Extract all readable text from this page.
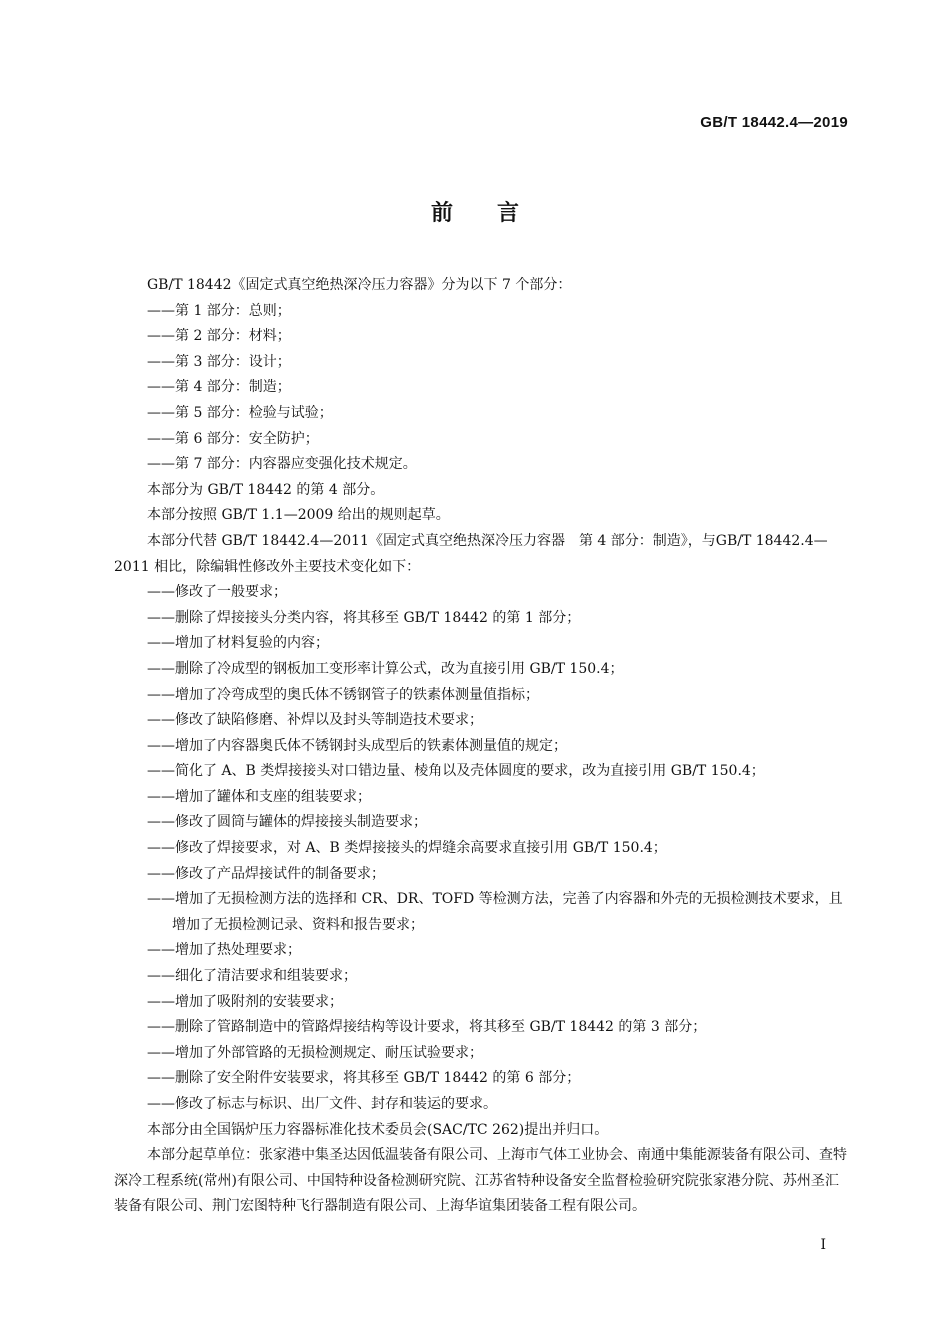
GB/T 18442.4—2019
前言

GB/T 18442《固定式真空绝热深冷压力容器》分为以下 7 个部分：

——第 1 部分：总则；

——第 2 部分：材料；

——第 3 部分：设计；

——第 4 部分：制造；

——第 5 部分：检验与试验；

——第 6 部分：安全防护；

——第 7 部分：内容器应变强化技术规定。

本部分为 GB/T 18442 的第 4 部分。

本部分按照 GB/T 1.1—2009 给出的规则起草。

本部分代替 GB/T 18442.4—2011《固定式真空绝热深冷压力容器　第 4 部分：制造》，与GB/T 18442.4—2011 相比，除编辑性修改外主要技术变化如下：

——修改了一般要求；

——删除了焊接接头分类内容，将其移至 GB/T 18442 的第 1 部分；

——增加了材料复验的内容；

——删除了冷成型的钢板加工变形率计算公式，改为直接引用 GB/T 150.4；

——增加了冷弯成型的奥氏体不锈钢管子的铁素体测量值指标；

——修改了缺陷修磨、补焊以及封头等制造技术要求；

——增加了内容器奥氏体不锈钢封头成型后的铁素体测量值的规定；

——简化了 A、B 类焊接接头对口错边量、棱角以及壳体圆度的要求，改为直接引用 GB/T 150.4；

——增加了罐体和支座的组装要求；

——修改了圆筒与罐体的焊接接头制造要求；

——修改了焊接要求，对 A、B 类焊接接头的焊缝余高要求直接引用 GB/T 150.4；

——修改了产品焊接试件的制备要求；

——增加了无损检测方法的选择和 CR、DR、TOFD 等检测方法，完善了内容器和外壳的无损检测技术要求，且增加了无损检测记录、资料和报告要求；

——增加了热处理要求；

——细化了清洁要求和组装要求；

——增加了吸附剂的安装要求；

——删除了管路制造中的管路焊接结构等设计要求，将其移至 GB/T 18442 的第 3 部分；

——增加了外部管路的无损检测规定、耐压试验要求；

——删除了安全附件安装要求，将其移至 GB/T 18442 的第 6 部分；

——修改了标志与标识、出厂文件、封存和装运的要求。

本部分由全国锅炉压力容器标准化技术委员会(SAC/TC 262)提出并归口。

本部分起草单位：张家港中集圣达因低温装备有限公司、上海市气体工业协会、南通中集能源装备有限公司、查特深冷工程系统(常州)有限公司、中国特种设备检测研究院、江苏省特种设备安全监督检验研究院张家港分院、苏州圣汇装备有限公司、荆门宏图特种飞行器制造有限公司、上海华谊集团装备工程有限公司。

Ⅰ
